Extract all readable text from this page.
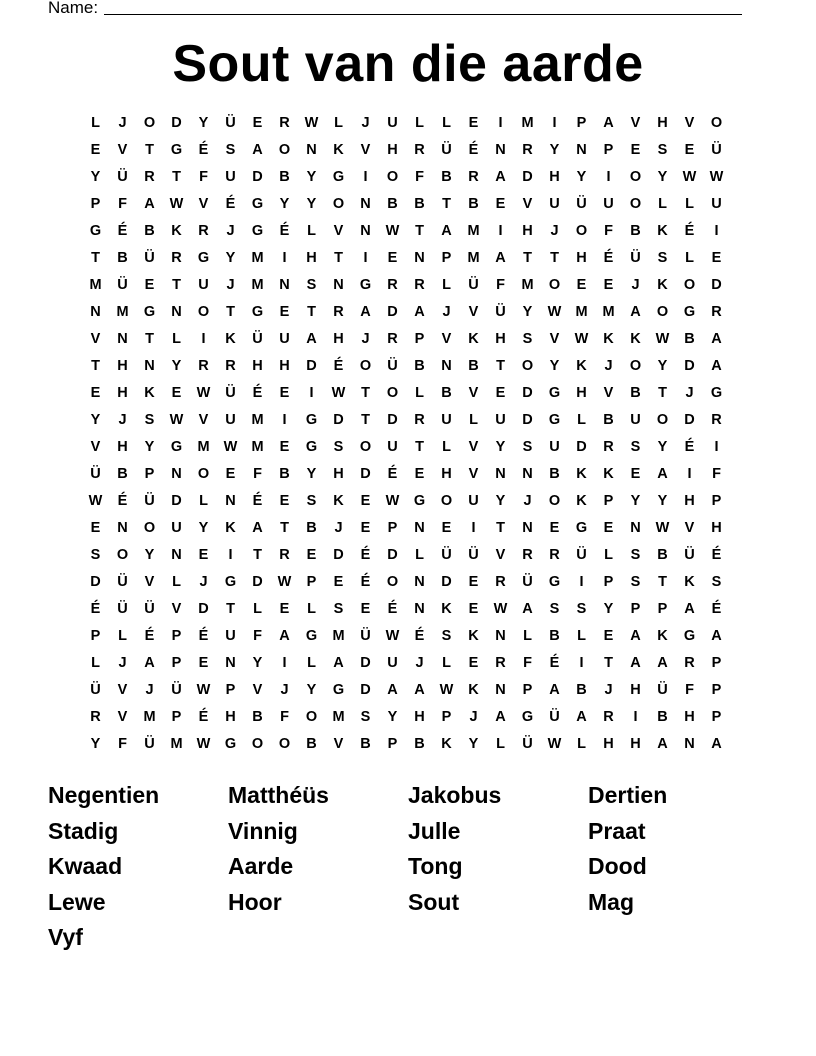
Name:
Sout van die aarde
L	J	O	D	Y	Ü	E	R	W	L	J	U	L	L	E	I	M	I	P	A	V	H	V	O
E	V	T	G	É	S	A	O	N	K	V	H	R	Ü	É	N	R	Y	N	P	E	S	E	Ü
Y	Ü	R	T	F	U	D	B	Y	G	I	O	F	B	R	A	D	H	Y	I	O	Y	W W
P	F	A	W	V	É	G	Y	Y	O	N	B	B	T	B	E	V	U	Ü	U	O	L	L	U
G	É	B	K	R	J	G	É	L	V	N	W	T	A	M	I	H	J	O	F	B	K	É	I
T	B	Ü	R	G	Y	M	I	H	T	I	E	N	P	M	A	T	T	H	É	Ü	S	L	E
M	Ü	E	T	U	J	M	N	S	N	G	R	R	L	Ü	F	M	O	E	E	J	K	O	D
N	M	G	N	O	T	G	E	T	R	A	D	A	J	V	Ü	Y	W M	M	A	O	G	R
V	N	T	L	I	K	Ü	U	A	H	J	R	P	V	K	H	S	V	W	K	K	W	B	A
T	H	N	Y	R	R	H	H	D	É	O	Ü	B	N	B	T	O	Y	K	J	O	Y	D	A
E	H	K	E	W	Ü	É	E	I	W	T	O	L	B	V	E	D	G	H	V	B	T	J	G
Y	J	S	W	V	U	M	I	G	D	T	D	R	U	L	U	D	G	L	B	U	O	D	R
V	H	Y	G	M W M	E	G	S	O	U	T	L	V	Y	S	U	D	R	S	Y	É	I
Ü	B	P	N	O	E	F	B	Y	H	D	É	E	H	V	N	N	B	K	K	E	A	I	F
W	É	Ü	D	L	N	É	E	S	K	E	W	G	O	U	Y	J	O	K	P	Y	Y	H	P
E	N	O	U	Y	K	A	T	B	J	E	P	N	E	I	T	N	E	G	E	N	W	V	H
S	O	Y	N	E	I	T	R	E	D	É	D	L	Ü	Ü	V	R	R	Ü	L	S	B	Ü	É
D	Ü	V	L	J	G	D	W	P	E	É	O	N	D	E	R	Ü	G	I	P	S	T	K	S
É	Ü	Ü	V	D	T	L	E	L	S	E	É	N	K	E	W	A	S	S	Y	P	P	A	É
P	L	É	P	É	U	F	A	G	M	Ü	W	É	S	K	N	L	B	L	E	A	K	G	A
L	J	A	P	E	N	Y	I	L	A	D	U	J	L	E	R	F	É	I	T	A	A	R	P
Ü	V	J	Ü	W	P	V	J	Y	G	D	A	A	W	K	N	P	A	B	J	H	Ü	F	P
R	V	M	P	É	H	B	F	O	M	S	Y	H	P	J	A	G	Ü	A	R	I	B	H	P
Y	F	Ü	M W	G	O	O	B	V	B	P	B	K	Y	L	Ü	W	L	H	H	A	N	A
Negentien	Matthéüs	Jakobus	Dertien
Stadig	Vinnig	Julle	Praat
Kwaad	Aarde	Tong	Dood
Lewe	Hoor	Sout	Mag
Vyf
